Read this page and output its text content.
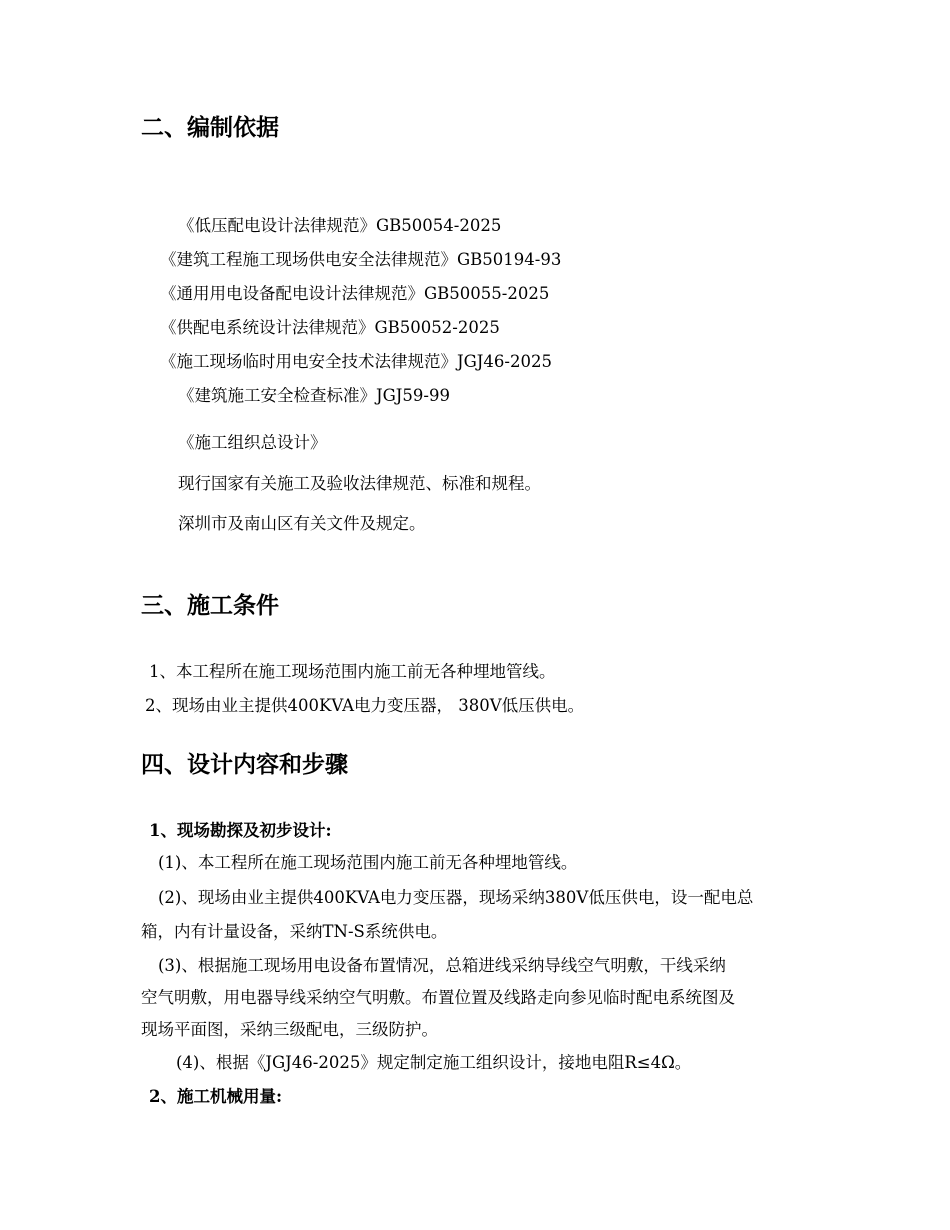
二、编制依据
《低压配电设计法律规范》GB50054-2025
《建筑工程施工现场供电安全法律规范》GB50194-93
《通用用电设备配电设计法律规范》GB50055-2025
《供配电系统设计法律规范》GB50052-2025
《施工现场临时用电安全技术法律规范》JGJ46-2025
《建筑施工安全检查标准》JGJ59-99
《施工组织总设计》
现行国家有关施工及验收法律规范、标准和规程。
深圳市及南山区有关文件及规定。
三、施工条件
1、本工程所在施工现场范围内施工前无各种埋地管线。
2、现场由业主提供400KVA电力变压器， 380V低压供电。
四、设计内容和步骤
1、现场勘探及初步设计:
(1)、本工程所在施工现场范围内施工前无各种埋地管线。
(2)、现场由业主提供400KVA电力变压器，现场采纳380V低压供电，设一配电总
箱，内有计量设备，采纳TN-S系统供电。
(3)、根据施工现场用电设备布置情况，总箱进线采纳导线空气明敷，干线采纳
空气明敷，用电器导线采纳空气明敷。布置位置及线路走向参见临时配电系统图及
现场平面图，采纳三级配电，三级防护。
(4)、根据《JGJ46-2025》规定制定施工组织设计，接地电阻R≤4Ω。
2、施工机械用量:
